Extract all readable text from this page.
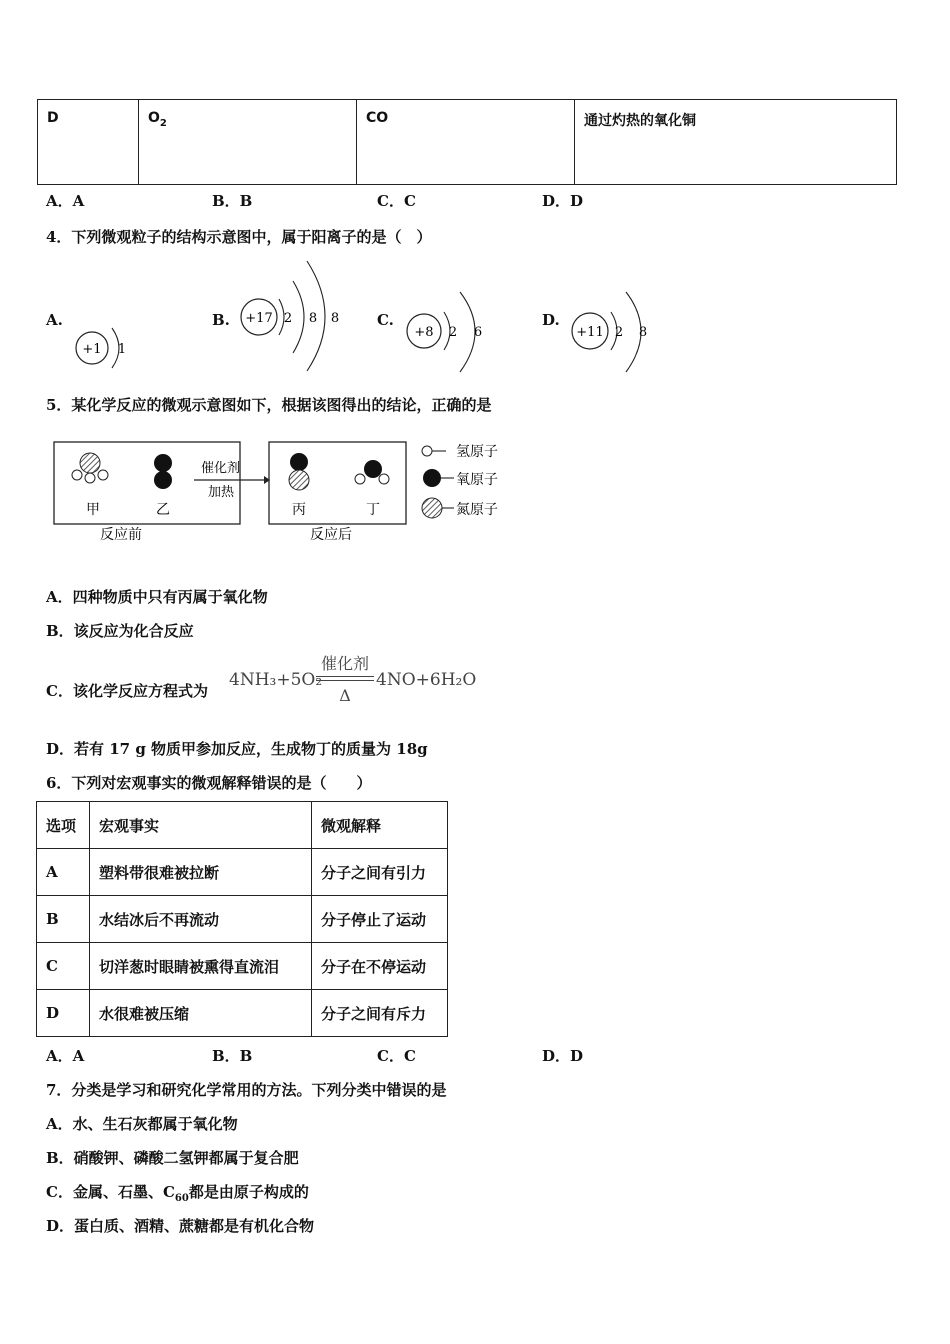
D	$O_2$	CO	通过灼热的氧化铜
A．A	B．B	C．C	D．D
4．下列微观粒子的结构示意图中，属于阳离子的是（　）
A.	B.	C.	D.
+1 1
+17 2 8 8
+8 2 6	+11 2 8
5．某化学反应的微观示意图如下，根据该图得出的结论，正确的是
甲	乙
反应前
催化剂
加热
丙	丁
反应后
氢原子
氧原子
氮原子
A．四种物质中只有丙属于氧化物
B．该反应为化合反应
C．该化学反应方程式为
4NH₃+5O₂
催化剂
Δ
4NO+6H₂O
D．若有 17 g 物质甲参加反应，生成物丁的质量为 18g
6．下列对宏观事实的微观解释错误的是（　　）
选项	宏观事实	微观解释
A	塑料带很难被拉断	分子之间有引力
B	水结冰后不再流动	分子停止了运动
C	切洋葱时眼睛被熏得直流泪	分子在不停运动
D	水很难被压缩	分子之间有斥力
A．A	B．B	C．C	D．D
7．分类是学习和研究化学常用的方法。下列分类中错误的是
A．水、生石灰都属于氧化物
B．硝酸钾、磷酸二氢钾都属于复合肥
C．金属、石墨、$C_{60}$都是由原子构成的
D．蛋白质、酒精、蔗糖都是有机化合物
